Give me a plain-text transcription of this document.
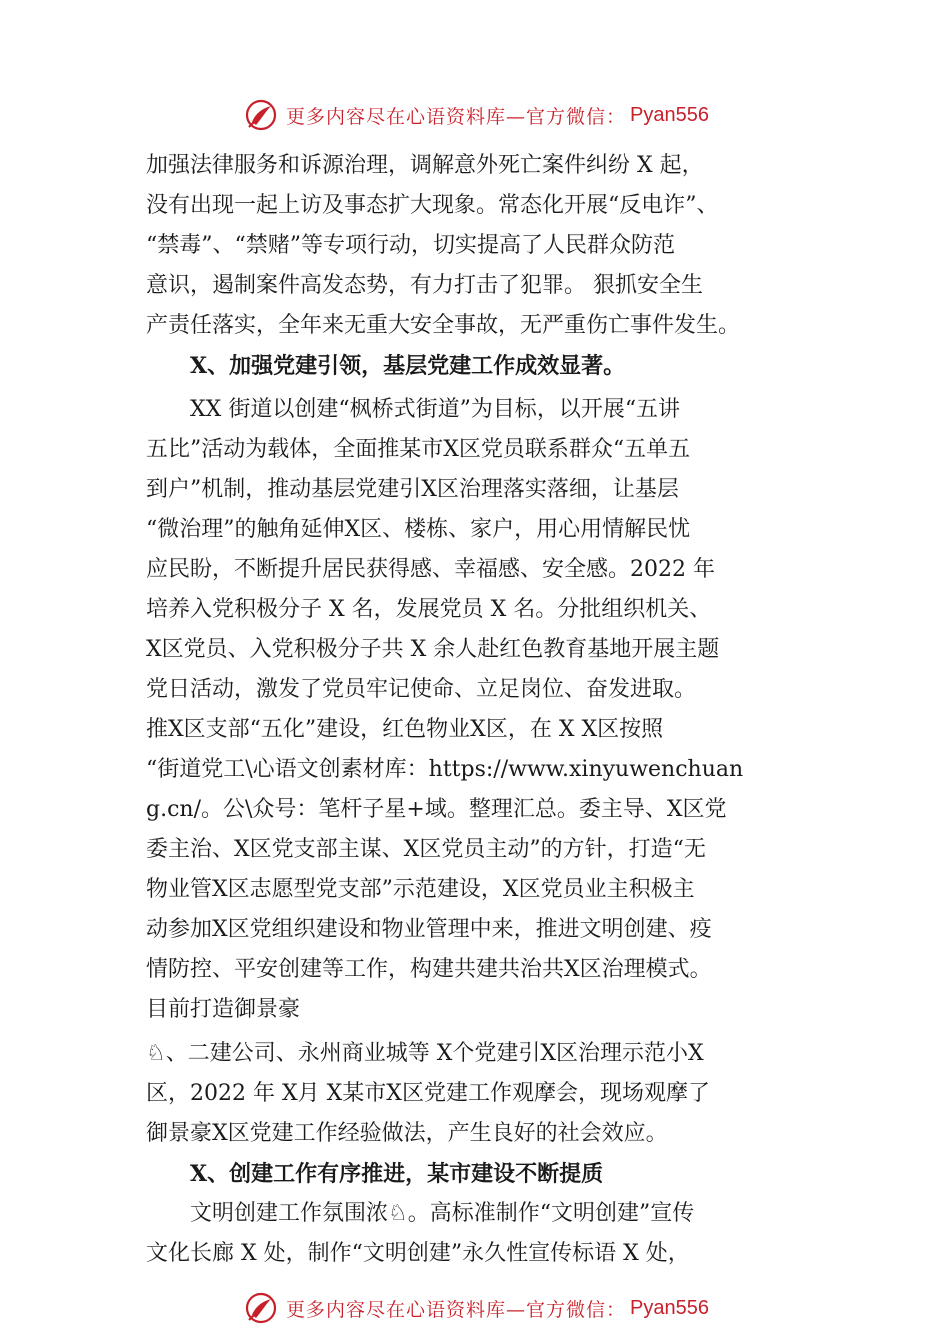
更多内容尽在心语资料库—官方微信： Pyan556
加强法律服务和诉源治理，调解意外死亡案件纠纷 X 起，
没有出现一起上访及事态扩大现象。常态化开展“反电诈”、
“禁毒”、“禁赌”等专项行动，切实提高了人民群众防范
意识，遏制案件高发态势，有力打击了犯罪。 狠抓安全生
产责任落实，全年来无重大安全事故，无严重伤亡事件发生。
X、加强党建引领，基层党建工作成效显著。
XX 街道以创建“枫桥式街道”为目标，以开展“五讲
五比”活动为载体，全面推某市X区党员联系群众“五单五
到户”机制，推动基层党建引X区治理落实落细，让基层
“微治理”的触角延伸X区、楼栋、家户，用心用情解民忧
应民盼，不断提升居民获得感、幸福感、安全感。2022 年
培养入党积极分子 X 名，发展党员 X 名。分批组织机关、
X区党员、入党积极分子共 X 余人赴红色教育基地开展主题
党日活动，激发了党员牢记使命、立足岗位、奋发进取。
推X区支部“五化”建设，红色物业X区，在 X X区按照
“街道党工\心语文创素材库：https://www.xinyuwenchuan
g.cn/。公\众号：笔杆子星+域。整理汇总。委主导、X区党
委主治、X区党支部主谋、X区党员主动”的方针，打造“无
物业管X区志愿型党支部”示范建设，X区党员业主积极主
动参加X区党组织建设和物业管理中来，推进文明创建、疫
情防控、平安创建等工作，构建共建共治共X区治理模式。
目前打造御景豪
♘、二建公司、永州商业城等 X个党建引X区治理示范小X
区，2022 年 X月 X某市X区党建工作观摩会，现场观摩了
御景豪X区党建工作经验做法，产生良好的社会效应。
X、创建工作有序推进，某市建设不断提质
文明创建工作氛围浓♘。高标准制作“文明创建”宣传
文化长廊 X 处，制作“文明创建”永久性宣传标语 X 处，
更多内容尽在心语资料库—官方微信： Pyan556
